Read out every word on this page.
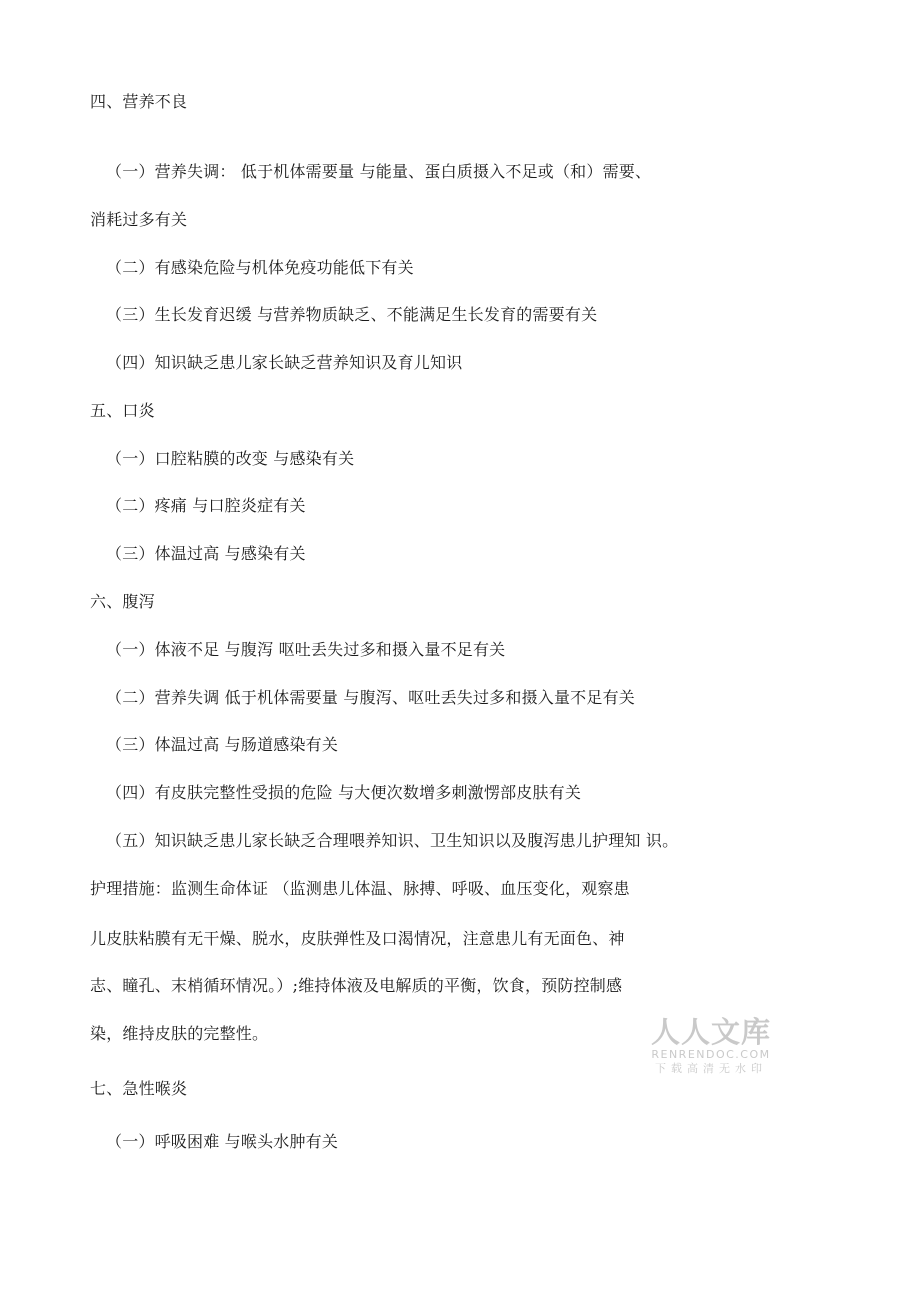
四、营养不良
（一）营养失调： 低于机体需要量 与能量、蛋白质摄入不足或（和）需要、
消耗过多有关
（二）有感染危险与机体免疫功能低下有关
（三）生长发育迟缓 与营养物质缺乏、不能满足生长发育的需要有关
（四）知识缺乏患儿家长缺乏营养知识及育儿知识
五、口炎
（一）口腔粘膜的改变 与感染有关
（二）疼痛 与口腔炎症有关
（三）体温过高 与感染有关
六、腹泻
（一）体液不足 与腹泻 呕吐丢失过多和摄入量不足有关
（二）营养失调 低于机体需要量 与腹泻、呕吐丢失过多和摄入量不足有关
（三）体温过高 与肠道感染有关
（四）有皮肤完整性受损的危险 与大便次数增多刺激愣部皮肤有关
（五）知识缺乏患儿家长缺乏合理喂养知识、卫生知识以及腹泻患儿护理知 识。
护理措施：监测生命体证 （监测患儿体温、脉搏、呼吸、血压变化，观察患
儿皮肤粘膜有无干燥、脱水，皮肤弹性及口渴情况，注意患儿有无面色、神
志、瞳孔、末梢循环情况。）;维持体液及电解质的平衡，饮食，预防控制感
染，维持皮肤的完整性。
七、急性喉炎
（一）呼吸困难 与喉头水肿有关
人人文库
RENRENDOC.COM
下载高清无水印
